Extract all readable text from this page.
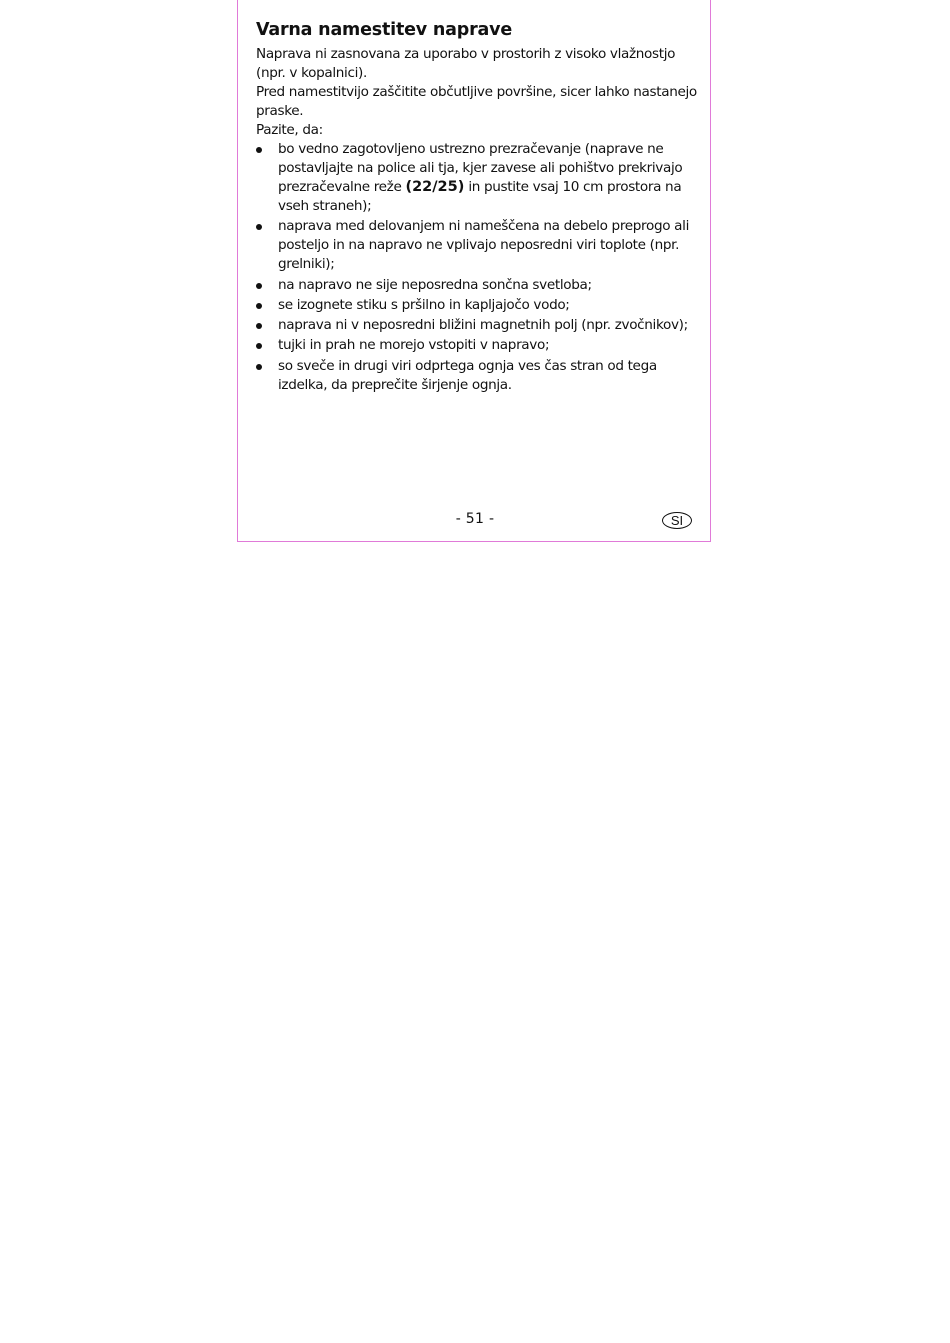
Varna namestitev naprave

Naprava ni zasnovana za uporabo v prostorih z visoko vlažnostjo (npr. v kopalnici).

Pred namestitvijo zaščitite občutljive površine, sicer lahko nastanejo praske.

Pazite, da:

bo vedno zagotovljeno ustrezno prezračevanje (naprave ne postavljajte na police ali tja, kjer zavese ali pohištvo prekrivajo prezračevalne reže (22/25) in pustite vsaj 10 cm prostora na vseh straneh);
naprava med delovanjem ni nameščena na debelo preprogo ali posteljo in na napravo ne vplivajo neposredni viri toplote (npr. grelniki);
na napravo ne sije neposredna sončna svetloba;
se izognete stiku s pršilno in kapljajočo vodo;
naprava ni v neposredni bližini magnetnih polj (npr. zvočnikov);
tujki in prah ne morejo vstopiti v napravo;
so sveče in drugi viri odprtega ognja ves čas stran od tega izdelka, da preprečite širjenje ognja.
- 51 -	SI
